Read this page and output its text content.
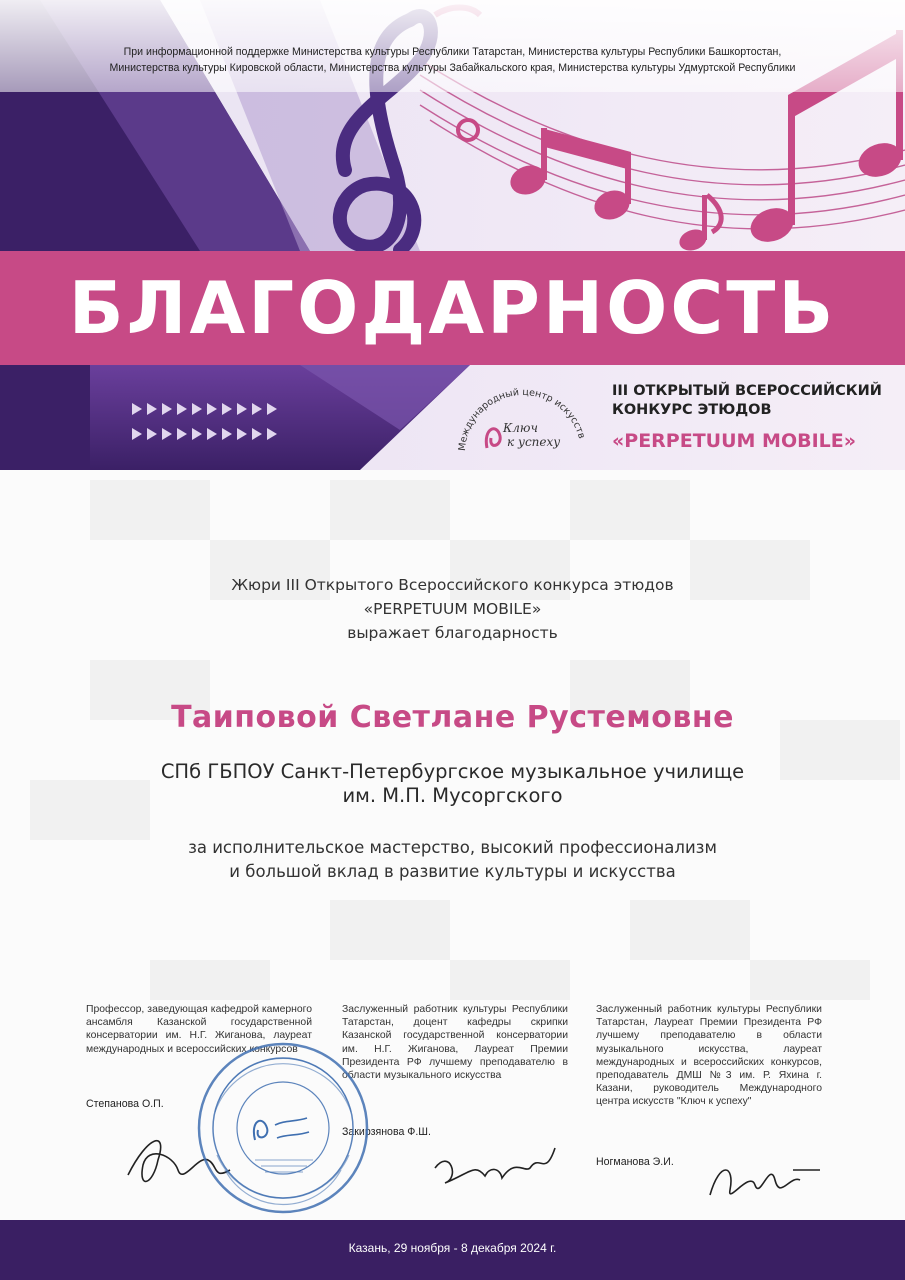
При информационной поддержке Министерства культуры Республики Татарстан, Министерства культуры Республики Башкортостан,
Министерства культуры Кировской области, Министерства культуры Забайкальского края, Министерства культуры Удмуртской Республики
БЛАГОДАРНОСТЬ
Международный центр искусств
Ключ
к успеху
III ОТКРЫТЫЙ ВСЕРОССИЙСКИЙ
КОНКУРС ЭТЮДОВ
«PERPETUUM MOBILE»
Жюри III Открытого Всероссийского конкурса этюдов
«PERPETUUM MOBILE»
выражает благодарность
Таиповой Светлане Рустемовне
СПб ГБПОУ Санкт-Петербургское музыкальное училище
им. М.П. Мусоргского
за исполнительское мастерство, высокий профессионализм
и большой вклад в развитие культуры и искусства
Профессор, заведующая кафедрой камерного ансамбля Казанской государственной консерватории им. Н.Г. Жиганова, лауреат международных и всероссийских конкурсов
Заслуженный работник культуры Республики Татарстан, доцент кафедры скрипки Казанской государственной консерватории им. Н.Г. Жиганова, Лауреат Премии Президента РФ лучшему преподавателю в области музыкального искусства
Заслуженный работник культуры Республики Татарстан, Лауреат Премии Президента РФ лучшему преподавателю в области музыкального искусства, лауреат международных и всероссийских конкурсов, преподаватель ДМШ №3 им. Р. Яхина г. Казани, руководитель Международного центра искусств "Ключ к успеху"
Степанова О.П.
Закирзянова Ф.Ш.
Ногманова Э.И.
Казань, 29 ноября - 8 декабря 2024 г.
